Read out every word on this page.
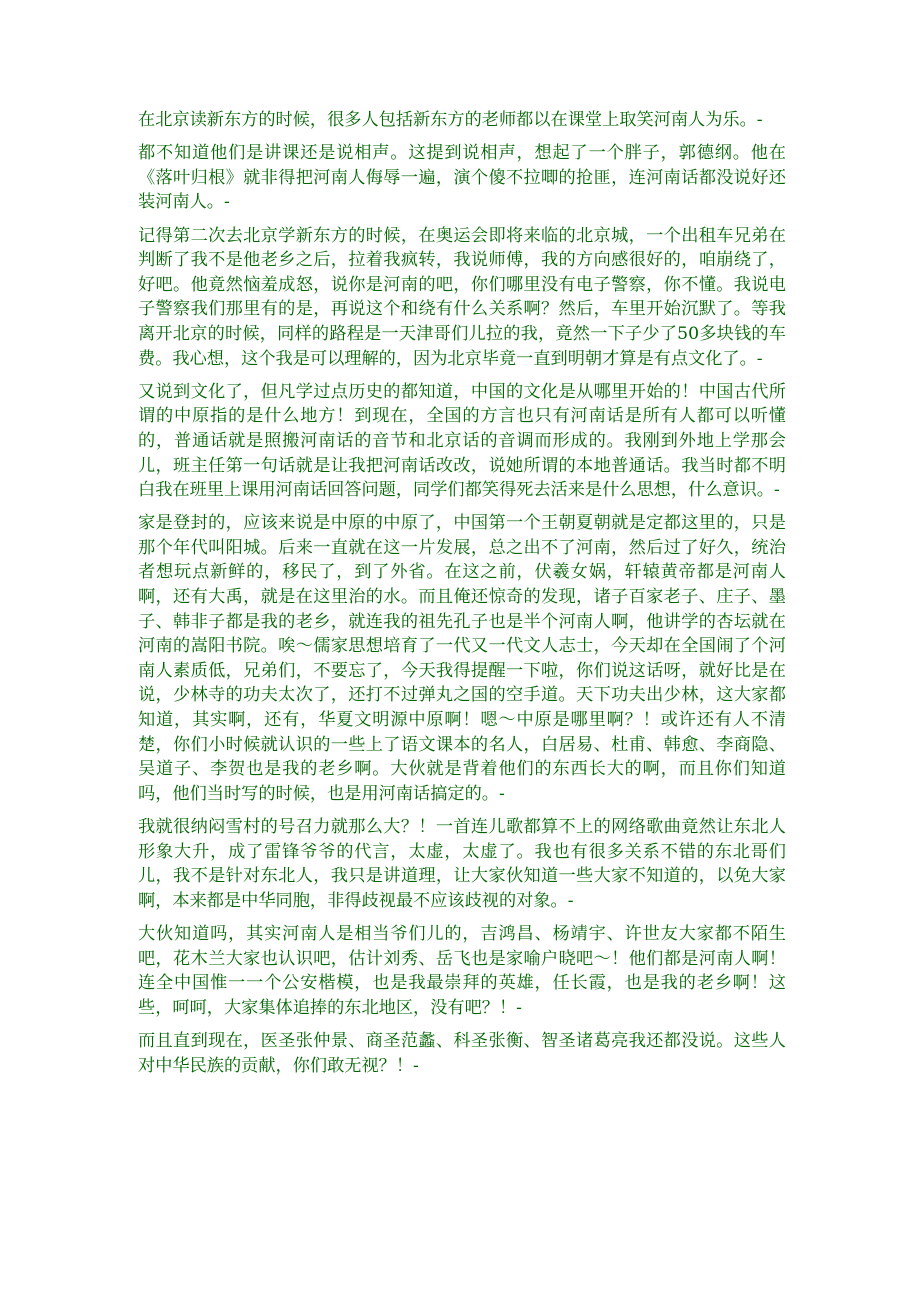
在北京读新东方的时候，很多人包括新东方的老师都以在课堂上取笑河南人为乐。-

都不知道他们是讲课还是说相声。这提到说相声，想起了一个胖子，郭德纲。他在《落叶归根》就非得把河南人侮辱一遍，演个傻不拉唧的抢匪，连河南话都没说好还装河南人。-

记得第二次去北京学新东方的时候，在奥运会即将来临的北京城，一个出租车兄弟在判断了我不是他老乡之后，拉着我疯转，我说师傅，我的方向感很好的，咱崩绕了，好吧。他竟然恼羞成怒，说你是河南的吧，你们哪里没有电子警察，你不懂。我说电子警察我们那里有的是，再说这个和绕有什么关系啊？然后，车里开始沉默了。等我离开北京的时候，同样的路程是一天津哥们儿拉的我，竟然一下子少了50多块钱的车费。我心想，这个我是可以理解的，因为北京毕竟一直到明朝才算是有点文化了。-

又说到文化了，但凡学过点历史的都知道，中国的文化是从哪里开始的！中国古代所谓的中原指的是什么地方！到现在，全国的方言也只有河南话是所有人都可以听懂的，普通话就是照搬河南话的音节和北京话的音调而形成的。我刚到外地上学那会儿，班主任第一句话就是让我把河南话改改，说她所谓的本地普通话。我当时都不明白我在班里上课用河南话回答问题，同学们都笑得死去活来是什么思想，什么意识。-

家是登封的，应该来说是中原的中原了，中国第一个王朝夏朝就是定都这里的，只是那个年代叫阳城。后来一直就在这一片发展，总之出不了河南，然后过了好久，统治者想玩点新鲜的，移民了，到了外省。在这之前，伏羲女娲，轩辕黄帝都是河南人啊，还有大禹，就是在这里治的水。而且俺还惊奇的发现，诸子百家老子、庄子、墨子、韩非子都是我的老乡，就连我的祖先孔子也是半个河南人啊，他讲学的杏坛就在河南的嵩阳书院。唉～儒家思想培育了一代又一代文人志士，今天却在全国闹了个河南人素质低，兄弟们，不要忘了，今天我得提醒一下啦，你们说这话呀，就好比是在说，少林寺的功夫太次了，还打不过弹丸之国的空手道。天下功夫出少林，这大家都知道，其实啊，还有，华夏文明源中原啊！嗯～中原是哪里啊？！或许还有人不清楚，你们小时候就认识的一些上了语文课本的名人，白居易、杜甫、韩愈、李商隐、吴道子、李贺也是我的老乡啊。大伙就是背着他们的东西长大的啊，而且你们知道吗，他们当时写的时候，也是用河南话搞定的。-

我就很纳闷雪村的号召力就那么大？！一首连儿歌都算不上的网络歌曲竟然让东北人形象大升，成了雷锋爷爷的代言，太虚，太虚了。我也有很多关系不错的东北哥们儿，我不是针对东北人，我只是讲道理，让大家伙知道一些大家不知道的，以免大家啊，本来都是中华同胞，非得歧视最不应该歧视的对象。-

大伙知道吗，其实河南人是相当爷们儿的，吉鸿昌、杨靖宇、许世友大家都不陌生吧，花木兰大家也认识吧，估计刘秀、岳飞也是家喻户晓吧～！他们都是河南人啊！连全中国惟一一个公安楷模，也是我最崇拜的英雄，任长霞，也是我的老乡啊！这些，呵呵，大家集体追捧的东北地区，没有吧？！-

而且直到现在，医圣张仲景、商圣范蠡、科圣张衡、智圣诸葛亮我还都没说。这些人对中华民族的贡献，你们敢无视？！-
